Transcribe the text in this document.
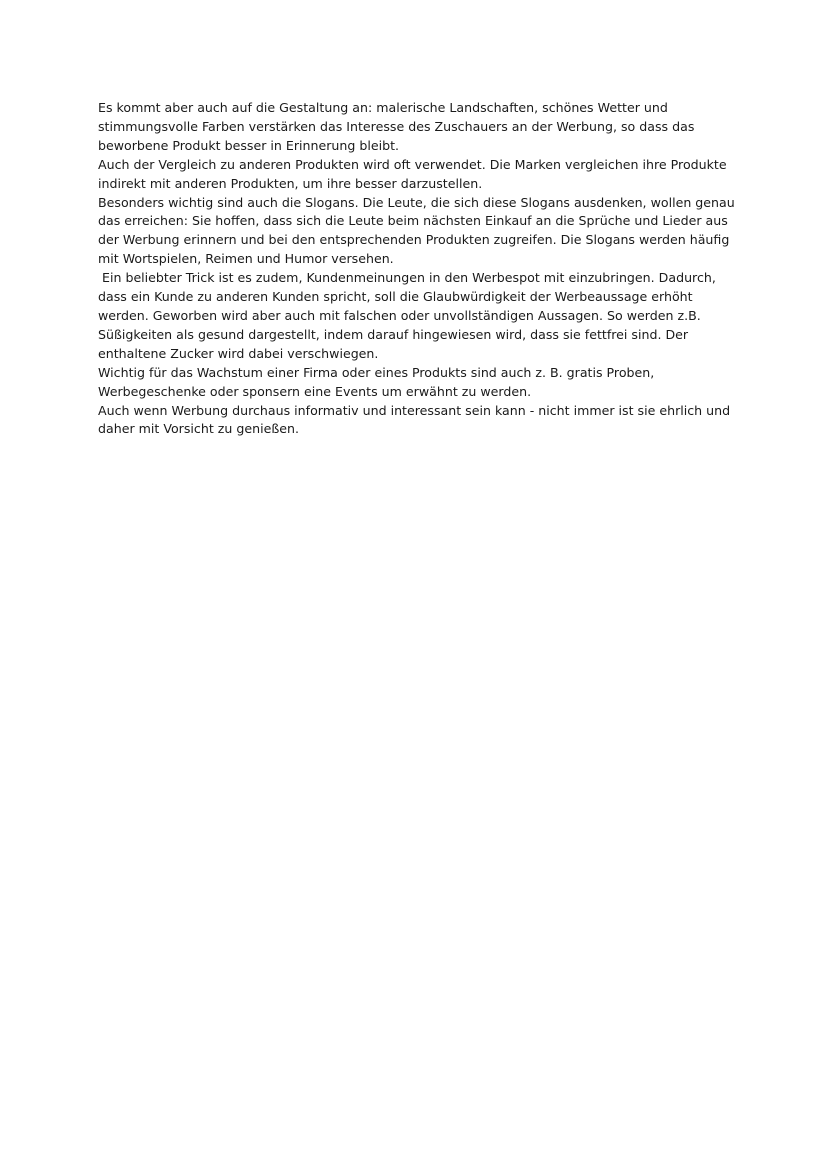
Es kommt aber auch auf die Gestaltung an: malerische Landschaften, schönes Wetter und
stimmungsvolle Farben verstärken das Interesse des Zuschauers an der Werbung, so dass das
beworbene Produkt besser in Erinnerung bleibt.
Auch der Vergleich zu anderen Produkten wird oft verwendet. Die Marken vergleichen ihre Produkte
indirekt mit anderen Produkten, um ihre besser darzustellen.
Besonders wichtig sind auch die Slogans. Die Leute, die sich diese Slogans ausdenken, wollen genau
das erreichen: Sie hoffen, dass sich die Leute beim nächsten Einkauf an die Sprüche und Lieder aus
der Werbung erinnern und bei den entsprechenden Produkten zugreifen. Die Slogans werden häufig
mit Wortspielen, Reimen und Humor versehen.
Ein beliebter Trick ist es zudem, Kundenmeinungen in den Werbespot mit einzubringen. Dadurch,
dass ein Kunde zu anderen Kunden spricht, soll die Glaubwürdigkeit der Werbeaussage erhöht
werden. Geworben wird aber auch mit falschen oder unvollständigen Aussagen. So werden z.B.
Süßigkeiten als gesund dargestellt, indem darauf hingewiesen wird, dass sie fettfrei sind. Der
enthaltene Zucker wird dabei verschwiegen.
Wichtig für das Wachstum einer Firma oder eines Produkts sind auch z. B. gratis Proben,
Werbegeschenke oder sponsern eine Events um erwähnt zu werden.
Auch wenn Werbung durchaus informativ und interessant sein kann - nicht immer ist sie ehrlich und
daher mit Vorsicht zu genießen.
